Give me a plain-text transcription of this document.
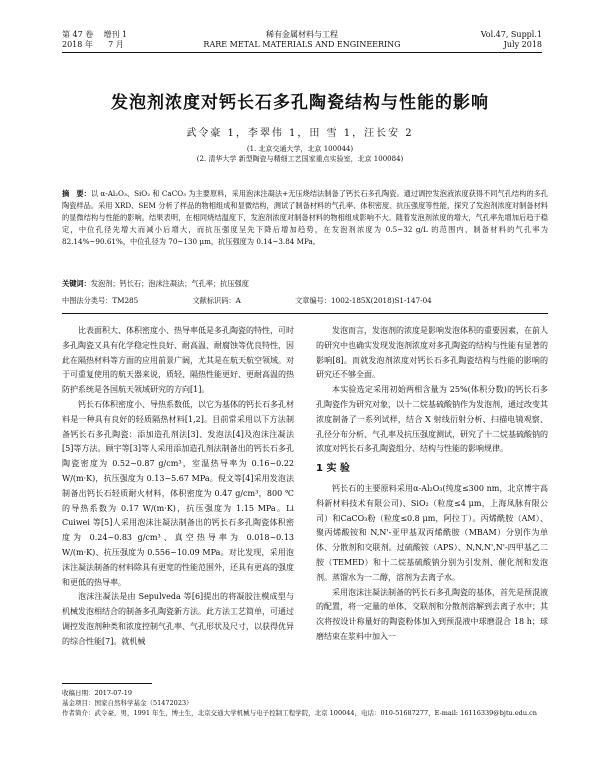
第 47 卷 增刊 1
2018 年 7 月
稀有金属材料与工程
RARE METAL MATERIALS AND ENGINEERING
Vol.47, Suppl.1
July 2018
发泡剂浓度对钙长石多孔陶瓷结构与性能的影响
武令豪 1，李翠伟 1，田 雪 1，汪长安 2
(1. 北京交通大学，北京 100044)
(2. 清华大学 新型陶瓷与精细工艺国家重点实验室，北京 100084)
摘　要：以 α-Al₂O₃、SiO₂ 和 CaCO₃ 为主要原料，采用泡沫注凝法+无压烧结法制备了钙长石多孔陶瓷。通过调控发泡液浓度获得不同气孔结构的多孔陶瓷样品。采用 XRD、SEM 分析了样品的物相组成和显微结构，测试了制备材料的气孔率、体积密度、抗压强度等性能，探究了发泡剂浓度对制备材料的显微结构与性能的影响。结果表明，在相同烧结温度下，发泡剂浓度对制备材料的物相组成影响不大。随着发泡剂浓度的增大，气孔率先增加后趋于稳定，中位孔径先增大而减小后增大，而抗压强度呈先下降后增加趋势，在发泡剂浓度为 0.5~32 g/L 的范围内，制备材料的气孔率为 82.14%~90.61%，中位孔径为 70~130 μm，抗压强度为 0.14~3.84 MPa。
关键词：发泡剂；钙长石；泡沫注凝法；气孔率；抗压强度
中图法分类号：TM285	文献标识码：A	文章编号：1002-185X(2018)S1-147-04

比表面积大、体积密度小、热导率低是多孔陶瓷的特性，可时多孔陶瓷又具有化学稳定性良好、耐高温、耐腐蚀等优良特性，因此在隔热材料等方面的应用前景广阔，尤其是在航天航空领域。对于可重复使用的航天器来说，质轻、隔热性能更好、更耐高温的热防护系统是各国航天领域研究的方向[1]。

钙长石体积密度小、导热系数低，以它为基体的钙长石多孔材料是一种具有良好的轻质隔热材料[1,2]。目前常采用以下方法制备钙长石多孔陶瓷：添加造孔剂法[3]、发泡法[4]及泡沫注凝法[5]等方法。顾宇等[3]等人采用添加造孔剂法制备出的钙长石多孔陶瓷密度为 0.52~0.87 g/cm³，室温热导率为 0.16~0.22 W/(m·K)，抗压强度为 0.13~5.67 MPa。倪文等[4]采用发泡法制备出钙长石轻质耐火材料，体积密度为 0.47 g/cm³，800 ℃的导热系数为 0.17 W/(m·K)，抗压强度为 1.15 MPa。Li Cuiwei 等[5]人采用泡沫注凝法制备出的钙长石多孔陶瓷体积密度为 0.24~0.83 g/cm³、真空热导率为 0.018~0.13 W/(m·K)、抗压强度为 0.556~10.09 MPa。对比发现，采用泡沫注凝法制备的材料除具有更宽的性能范围外，还具有更高的强度和更低的热导率。

泡沫注凝法是由 Sepulveda 等[6]提出的将凝胶注模成型与机械发泡相结合的制备多孔陶瓷新方法。此方法工艺简单，可通过调控发泡剂种类和浓度控制气孔率、气孔形状及尺寸，以获得优异的综合性能[7]。就机械

发泡而言，发泡剂的浓度是影响发泡体积的重要因素，在前人的研究中也确实发现发泡剂浓度对多孔陶瓷的结构与性能有显著的影响[8]。而就发泡剂浓度对钙长石多孔陶瓷结构与性能的影响的研究还不够全面。

本实验选定采用初始两相含量为 25%(体积分数)的钙长石多孔陶瓷作为研究对象，以十二烷基硫酸钠作为发泡剂，通过改变其浓度制备了一系列试样，结合 X 射线衍射分析、扫描电镜观察、孔径分布分析、气孔率及抗压强度测试，研究了十二烷基硫酸钠的浓度对钙长石多孔陶瓷组分、结构与性能的影响规律。

1 实 验

钙长石的主要原料采用α-Al₂O₃(纯度≤300 nm，北京博宇高科新材料技术有限公司)、SiO₂（粒度≤4 μm，上海凤脉有限公司）和CaCO₃粉（粒度≤0.8 μm，阿拉丁）。丙烯酰胺（AM）、聚丙烯酸铵和 N,N'-亚甲基双丙烯酰胺（MBAM）分别作为单体、分散剂和交联剂。过硫酸铵（APS）、N,N,N',N'-四甲基乙二胺（TEMED）和十二烷基硫酸钠分别为引发剂、催化剂和发泡剂。蒸馏水为一二醇，溶剂为去离子水。

采用泡沫注凝法制备的钙长石多孔陶瓷的基体，首先是预混液的配置，将一定量的单体、交联剂和分散剂溶解到去离子水中；其次将按设计称量好的陶瓷粉体加入到预混液中球磨混合 18 h；球磨结束在浆料中加入一

收稿日期：2017-07-19
基金项目：国家自然科学基金（51472023）
作者简介：武令豪，男，1991 年生，博士生，北京交通大学机械与电子控制工程学院，北京 100044，电话：010-51687277，E-mail: 16116339@bjtu.edu.cn
